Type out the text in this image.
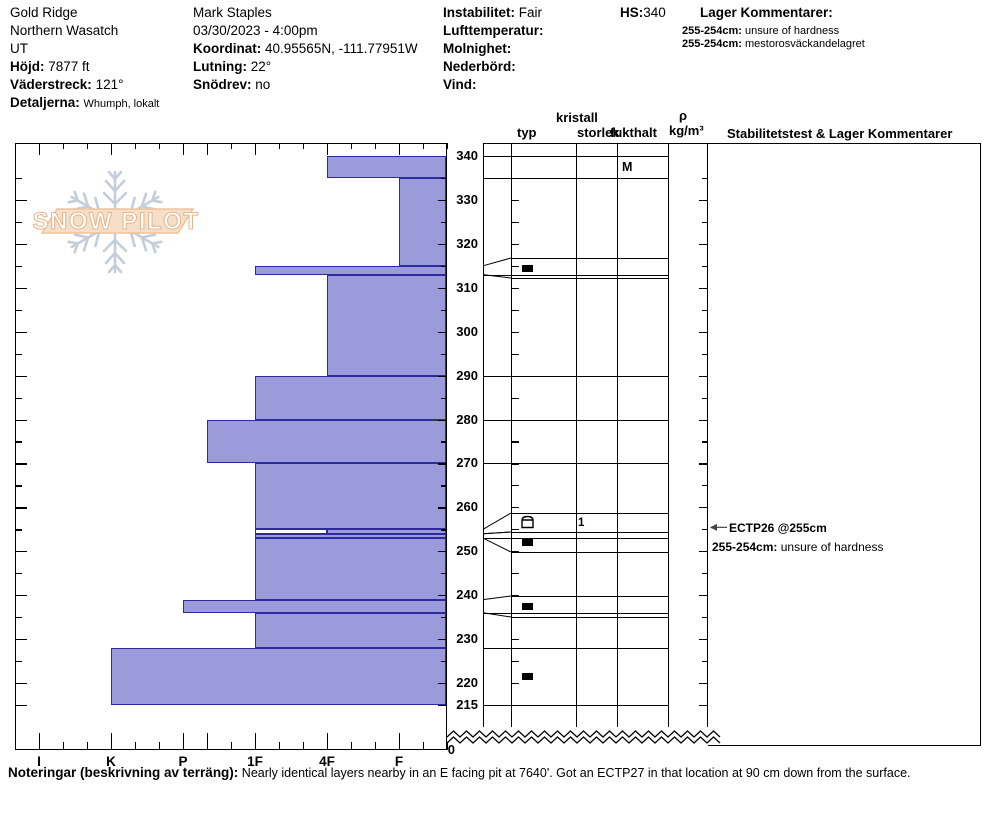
Gold Ridge
Northern Wasatch
UT
Höjd: 7877 ft
Väderstreck: 121°
Detaljerna: Whumph, lokalt
Mark Staples
03/30/2023 - 4:00pm
Koordinat: 40.95565N, -111.77951W
Lutning: 22°
Snödrev: no
Instabilitet: Fair
Lufttemperatur:
Molnighet:
Nederbörd:
Vind:
HS:340	Lager Kommentarer:
255-254cm: unsure of hardness
255-254cm: mestorosväckandelagret
kristall
typ	storlek
fukthalt
ρ
kg/m³ Stabilitetstest & Lager Kommentarer
SNOW PILOT
I	K	P	1F	4F	F
340
330
320
310
300
290
280
270
260
250
240
230
220
215
0
1
M
ECTP26 @255cm
255-254cm: unsure of hardness
Noteringar (beskrivning av terräng): Nearly identical layers nearby in an E facing pit at 7640'. Got an ECTP27 in that location at 90 cm down from the surface.
